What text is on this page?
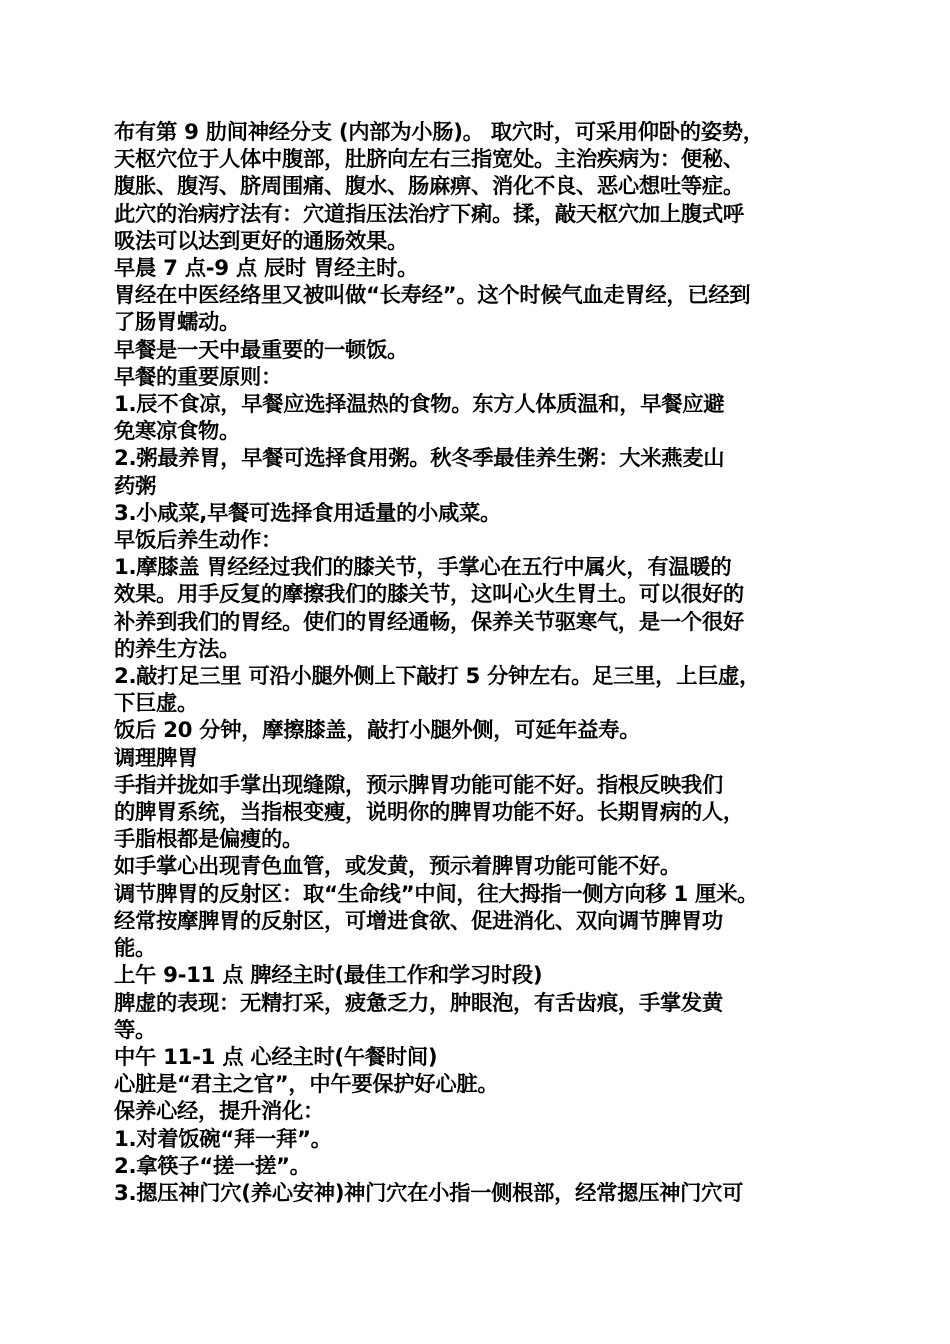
布有第 9 肋间神经分支 (内部为小肠)。 取穴时，可采用仰卧的姿势，

天枢穴位于人体中腹部，肚脐向左右三指宽处。主治疾病为：便秘、

腹胀、腹泻、脐周围痛、腹水、肠麻痹、消化不良、恶心想吐等症。

此穴的治病疗法有：穴道指压法治疗下痢。揉，敲天枢穴加上腹式呼

吸法可以达到更好的通肠效果。

早晨 7 点-9 点 辰时 胃经主时。

胃经在中医经络里又被叫做“长寿经”。这个时候气血走胃经，已经到

了肠胃蠕动。

早餐是一天中最重要的一顿饭。

早餐的重要原则：

1.辰不食凉，早餐应选择温热的食物。东方人体质温和，早餐应避

免寒凉食物。

2.粥最养胃，早餐可选择食用粥。秋冬季最佳养生粥：大米燕麦山

药粥

3.小咸菜,早餐可选择食用适量的小咸菜。

早饭后养生动作：

1.摩膝盖 胃经经过我们的膝关节，手掌心在五行中属火，有温暖的

效果。用手反复的摩擦我们的膝关节，这叫心火生胃土。可以很好的

补养到我们的胃经。使们的胃经通畅，保养关节驱寒气，是一个很好

的养生方法。

2.敲打足三里 可沿小腿外侧上下敲打 5 分钟左右。足三里，上巨虚，

下巨虚。

饭后 20 分钟，摩擦膝盖，敲打小腿外侧，可延年益寿。

调理脾胃

手指并拢如手掌出现缝隙，预示脾胃功能可能不好。指根反映我们

的脾胃系统，当指根变瘦，说明你的脾胃功能不好。长期胃病的人，

手脂根都是偏瘦的。

如手掌心出现青色血管，或发黄，预示着脾胃功能可能不好。

调节脾胃的反射区：取“生命线”中间，往大拇指一侧方向移 1 厘米。

经常按摩脾胃的反射区，可增进食欲、促进消化、双向调节脾胃功

能。

上午 9-11 点 脾经主时(最佳工作和学习时段)

脾虚的表现：无精打采，疲惫乏力，肿眼泡，有舌齿痕，手掌发黄

等。

中午 11-1 点 心经主时(午餐时间)

心脏是“君主之官”，中午要保护好心脏。

保养心经，提升消化：

1.对着饭碗“拜一拜”。

2.拿筷子“搓一搓”。

3.摁压神门穴(养心安神)神门穴在小指一侧根部，经常摁压神门穴可
